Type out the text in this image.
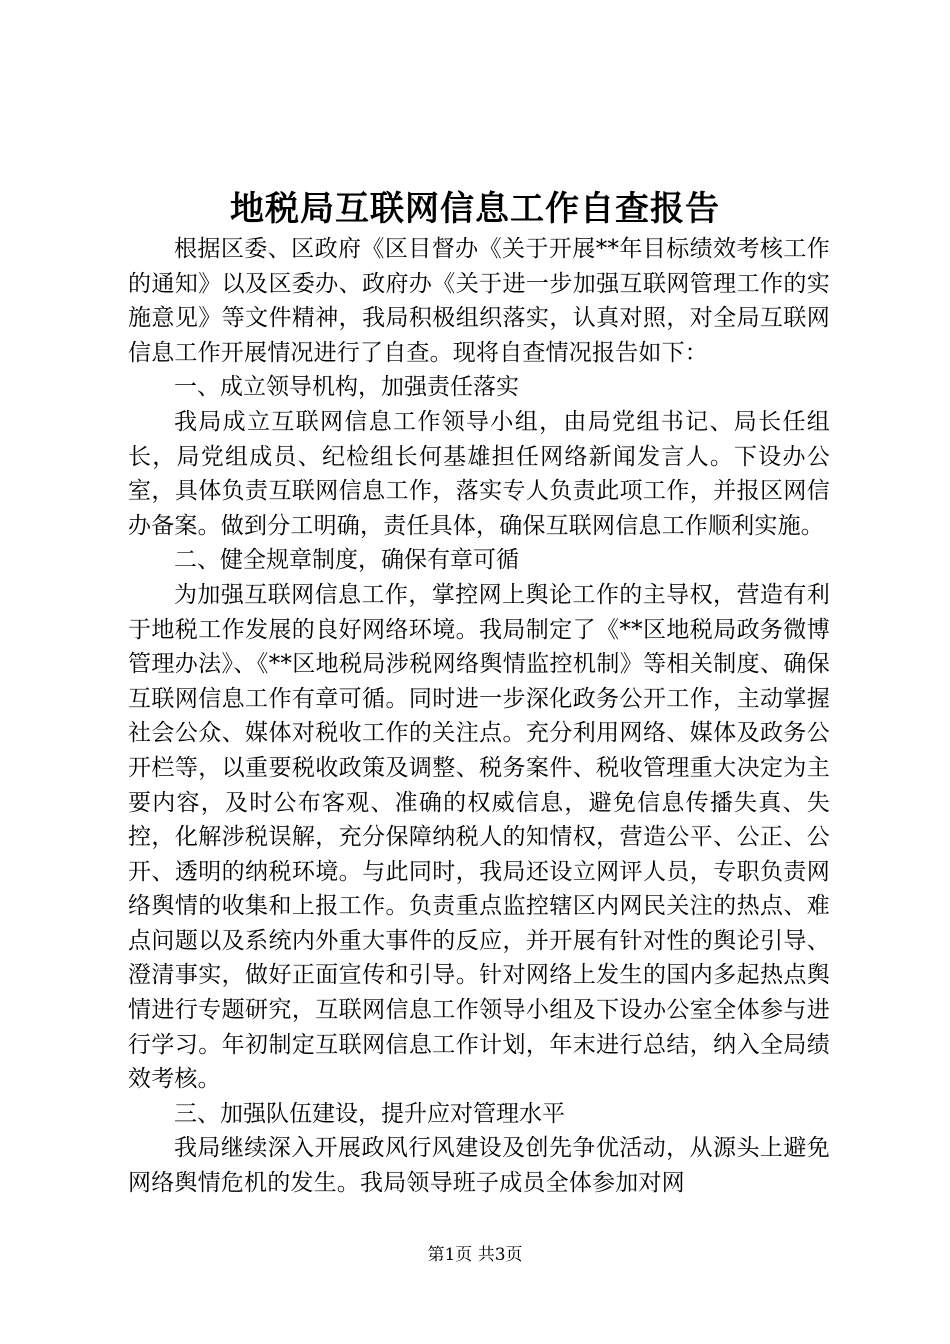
地税局互联网信息工作自查报告

根据区委、区政府《区目督办《关于开展**年目标绩效考核工作的通知》以及区委办、政府办《关于进一步加强互联网管理工作的实施意见》等文件精神，我局积极组织落实，认真对照，对全局互联网信息工作开展情况进行了自查。现将自查情况报告如下：

一、成立领导机构，加强责任落实

我局成立互联网信息工作领导小组，由局党组书记、局长任组长，局党组成员、纪检组长何基雄担任网络新闻发言人。下设办公室，具体负责互联网信息工作，落实专人负责此项工作，并报区网信办备案。做到分工明确，责任具体，确保互联网信息工作顺利实施。

二、健全规章制度，确保有章可循

为加强互联网信息工作，掌控网上舆论工作的主导权，营造有利于地税工作发展的良好网络环境。我局制定了《**区地税局政务微博管理办法》、《**区地税局涉税网络舆情监控机制》等相关制度、确保互联网信息工作有章可循。同时进一步深化政务公开工作，主动掌握社会公众、媒体对税收工作的关注点。充分利用网络、媒体及政务公开栏等，以重要税收政策及调整、税务案件、税收管理重大决定为主要内容，及时公布客观、准确的权威信息，避免信息传播失真、失控，化解涉税误解，充分保障纳税人的知情权，营造公平、公正、公开、透明的纳税环境。与此同时，我局还设立网评人员，专职负责网络舆情的收集和上报工作。负责重点监控辖区内网民关注的热点、难点问题以及系统内外重大事件的反应，并开展有针对性的舆论引导、澄清事实，做好正面宣传和引导。针对网络上发生的国内多起热点舆情进行专题研究，互联网信息工作领导小组及下设办公室全体参与进行学习。年初制定互联网信息工作计划，年末进行总结，纳入全局绩效考核。

三、加强队伍建设，提升应对管理水平

我局继续深入开展政风行风建设及创先争优活动，从源头上避免网络舆情危机的发生。我局领导班子成员全体参加对网

第1页 共3页
